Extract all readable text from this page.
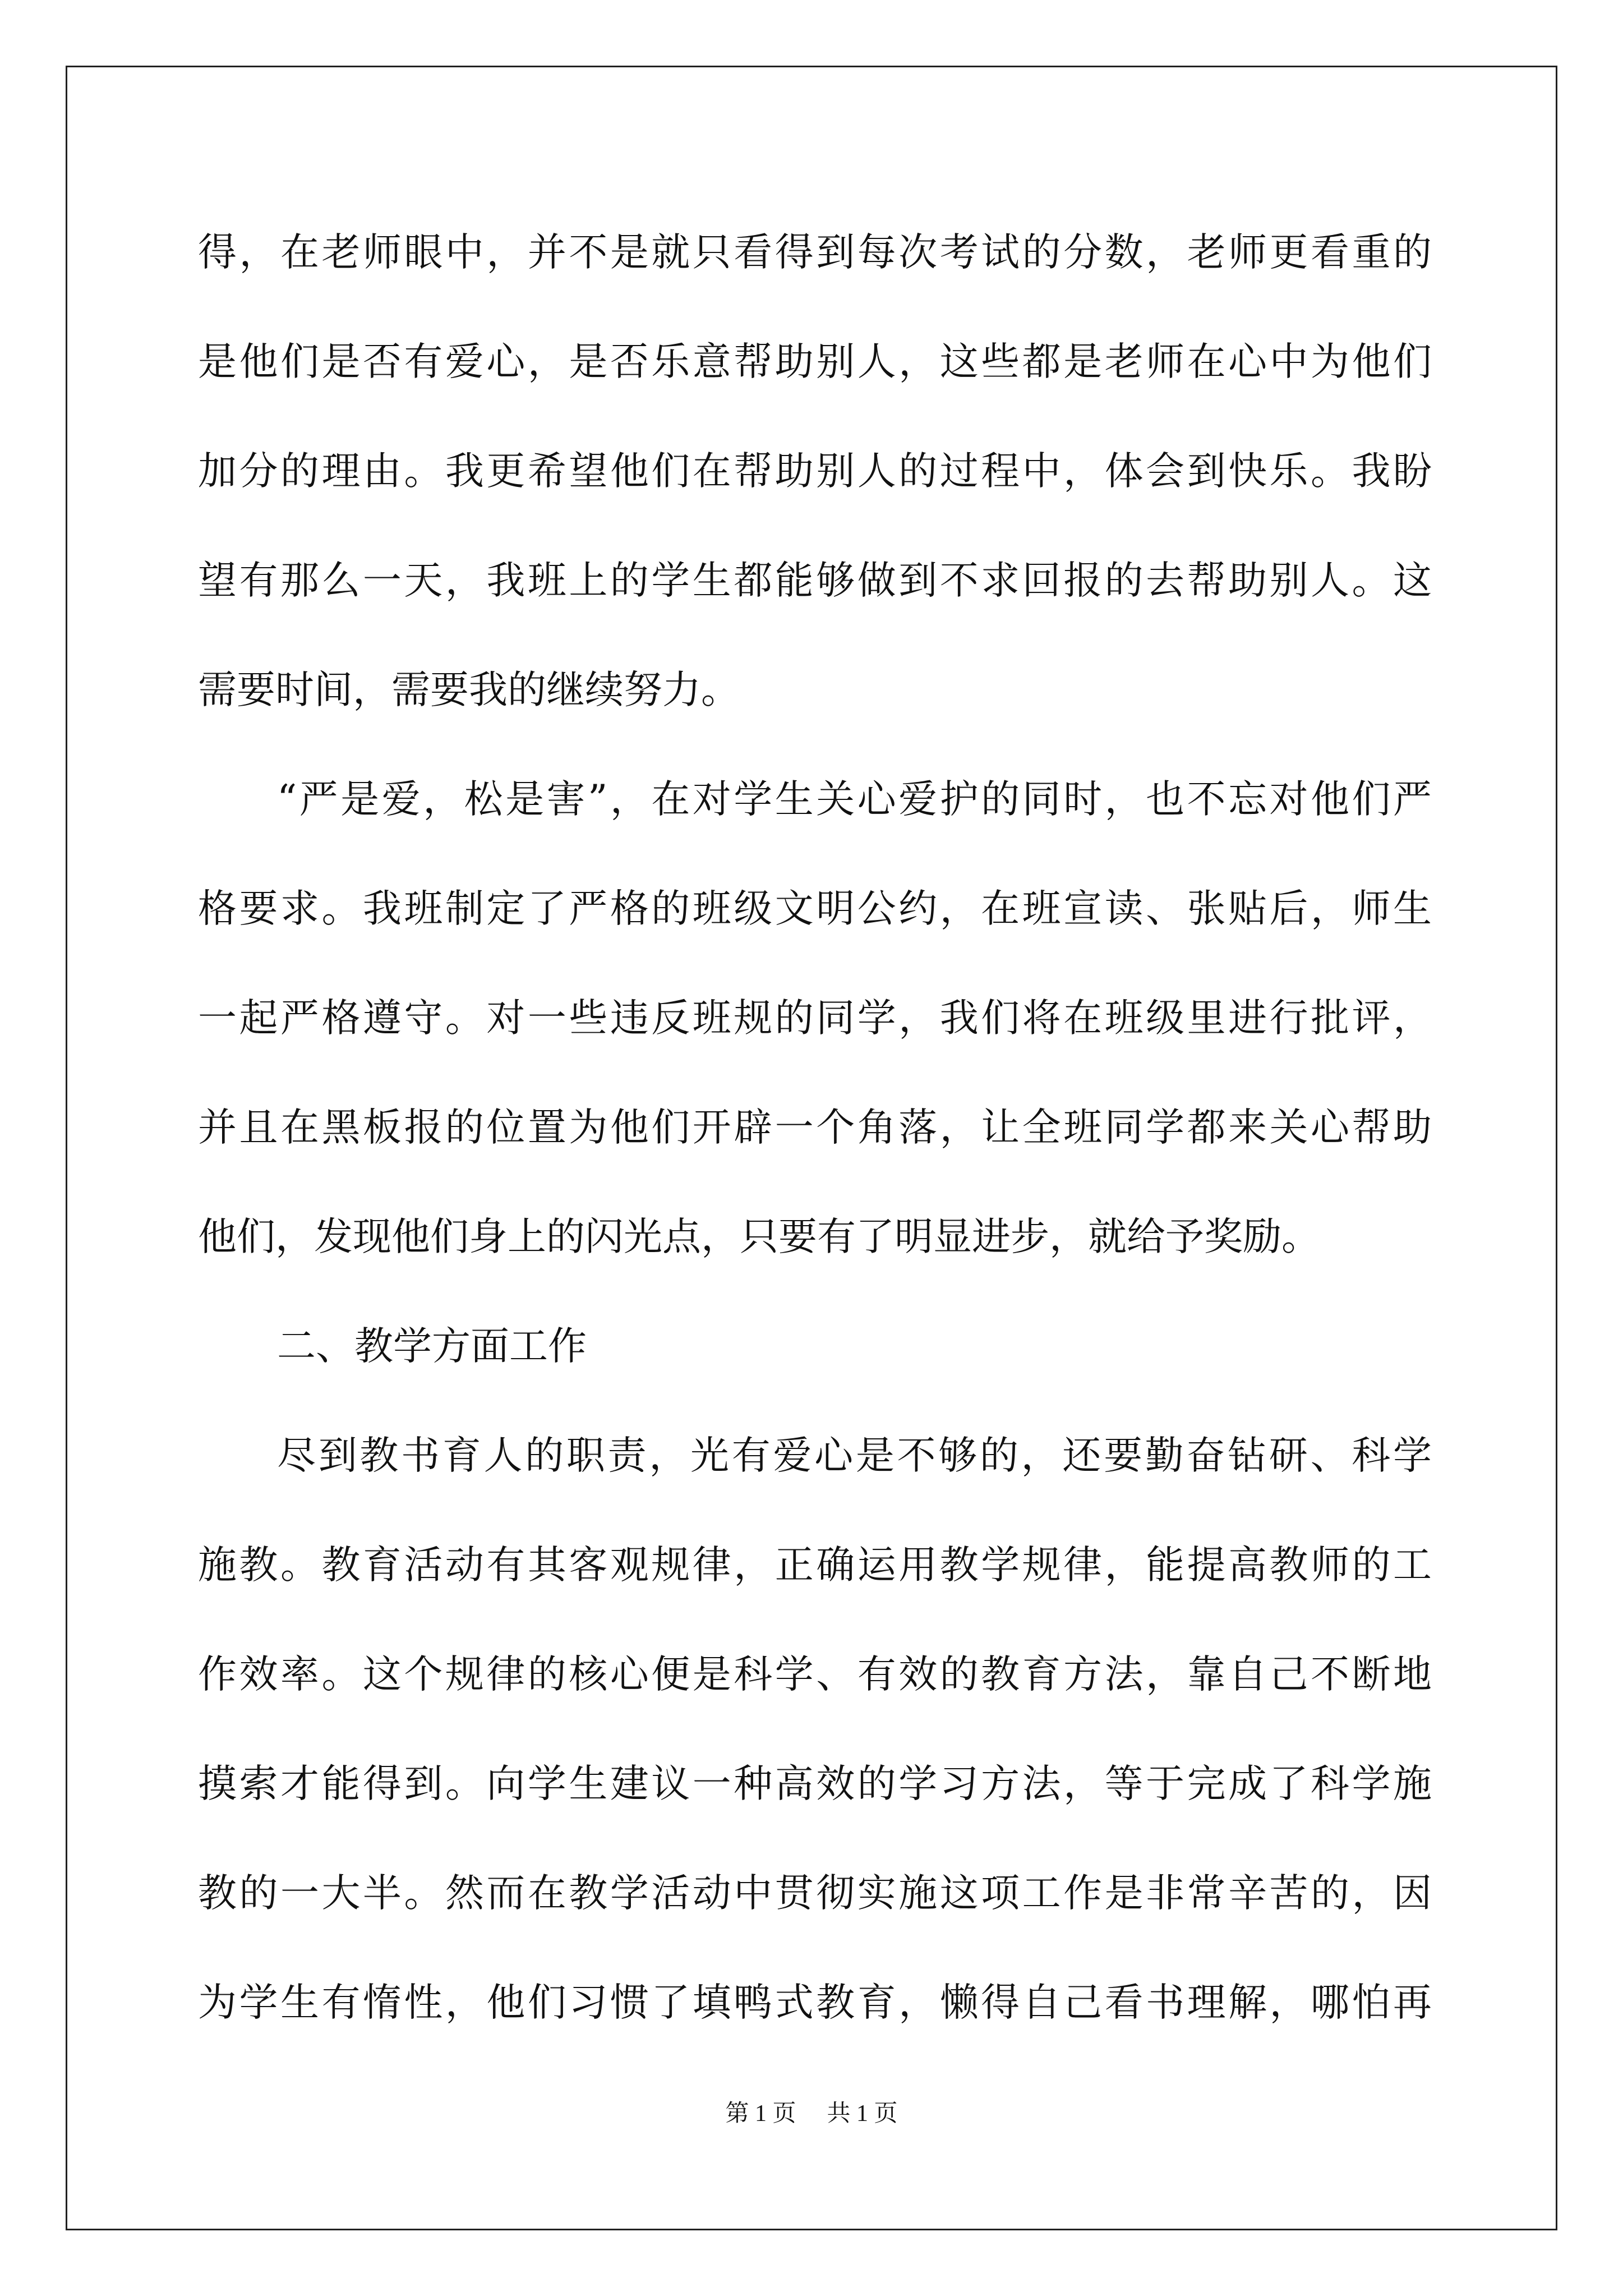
得，在老师眼中，并不是就只看得到每次考试的分数，老师更看重的
是他们是否有爱心，是否乐意帮助别人，这些都是老师在心中为他们
加分的理由。我更希望他们在帮助别人的过程中，体会到快乐。我盼
望有那么一天，我班上的学生都能够做到不求回报的去帮助别人。这
需要时间，需要我的继续努力。
“严是爱，松是害”，在对学生关心爱护的同时，也不忘对他们严
格要求。我班制定了严格的班级文明公约，在班宣读、张贴后，师生
一起严格遵守。对一些违反班规的同学，我们将在班级里进行批评，
并且在黑板报的位置为他们开辟一个角落，让全班同学都来关心帮助
他们，发现他们身上的闪光点，只要有了明显进步，就给予奖励。
二、教学方面工作
尽到教书育人的职责，光有爱心是不够的，还要勤奋钻研、科学
施教。教育活动有其客观规律，正确运用教学规律，能提高教师的工
作效率。这个规律的核心便是科学、有效的教育方法，靠自己不断地
摸索才能得到。向学生建议一种高效的学习方法，等于完成了科学施
教的一大半。然而在教学活动中贯彻实施这项工作是非常辛苦的，因
为学生有惰性，他们习惯了填鸭式教育，懒得自己看书理解，哪怕再
第 1 页 共 1 页
